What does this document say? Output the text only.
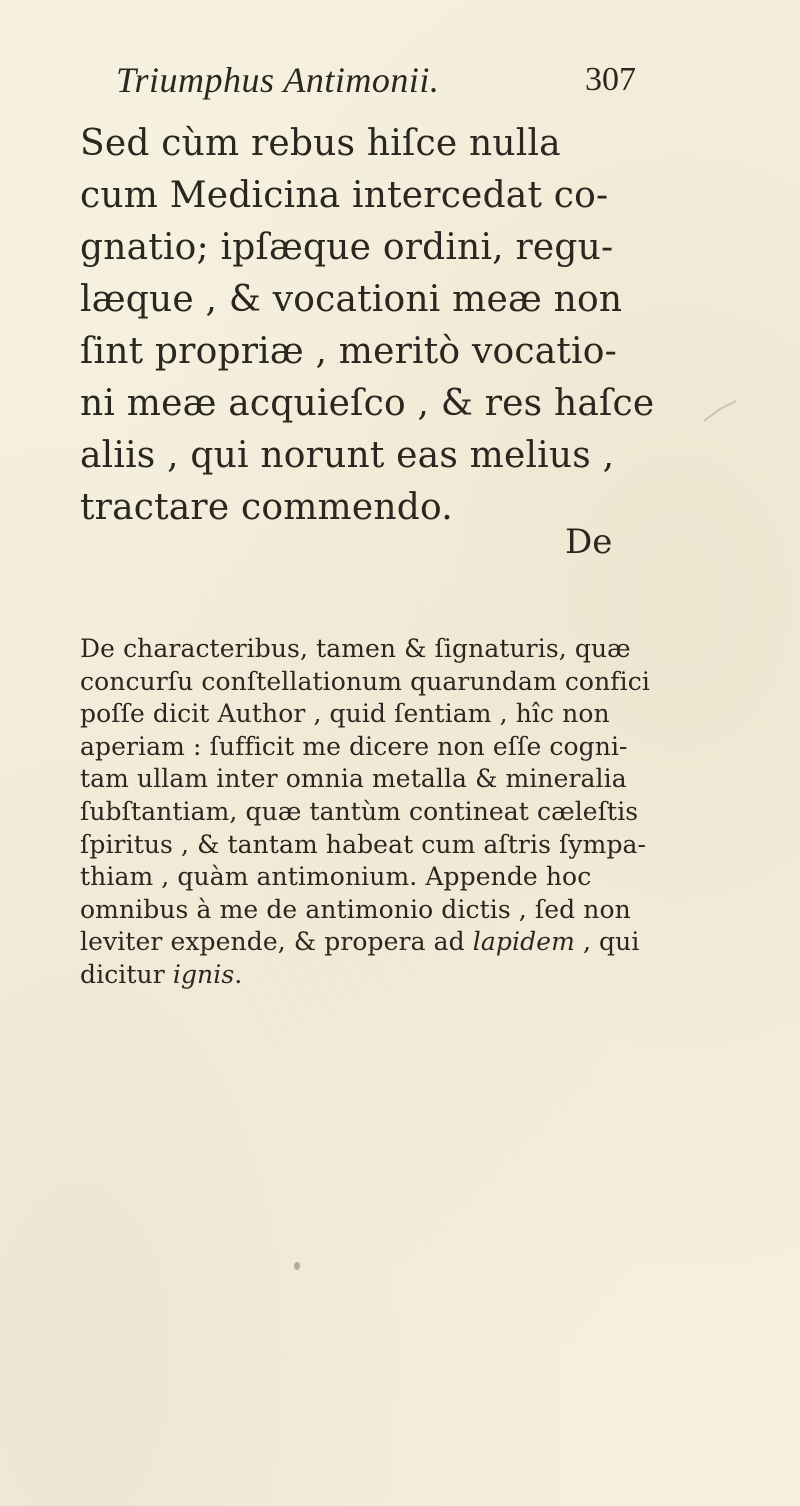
Triumphus Antimonii.	307
Sed cùm rebus hiſce nulla
cum Medicina intercedat co-
gnatio; ipſæque ordini, regu-
læque , & vocationi meæ non
ſint propriæ , meritò vocatio-
ni meæ acquieſco , & res haſce
aliis , qui norunt eas melius ,
tractare commendo.
De
De characteribus, tamen & ſignaturis, quæ
concurſu conſtellationum quarundam confici
poſſe dicit Author , quid ſentiam , hîc non
aperiam : ſufficit me dicere non eſſe cogni-
tam ullam inter omnia metalla & mineralia
ſubſtantiam, quæ tantùm contineat cæleſtis
ſpiritus , & tantam habeat cum aſtris ſympa-
thiam , quàm antimonium. Appende hoc
omnibus à me de antimonio dictis , ſed non
leviter expende, & propera ad lapidem , qui
dicitur ignis.
